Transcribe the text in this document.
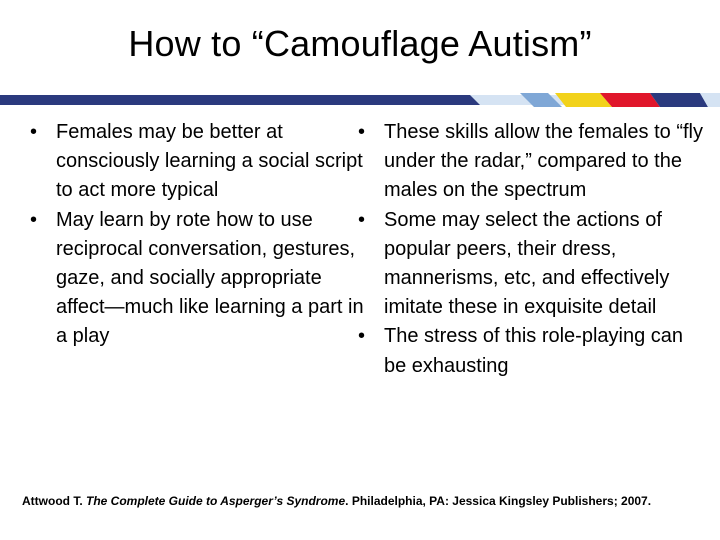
How to “Camouflage Autism”
• Females may be better at consciously learning a social script to act more typical
• May learn by rote how to use reciprocal conversation, gestures, gaze, and socially appropriate affect—much like learning a part in a play
• These skills allow the females to “fly under the radar,” compared to the males on the spectrum
• Some may select the actions of popular peers, their dress, mannerisms, etc, and effectively imitate these in exquisite detail
• The stress of this role-playing can be exhausting
Attwood T. The Complete Guide to Asperger’s Syndrome. Philadelphia, PA: Jessica Kingsley Publishers; 2007.
